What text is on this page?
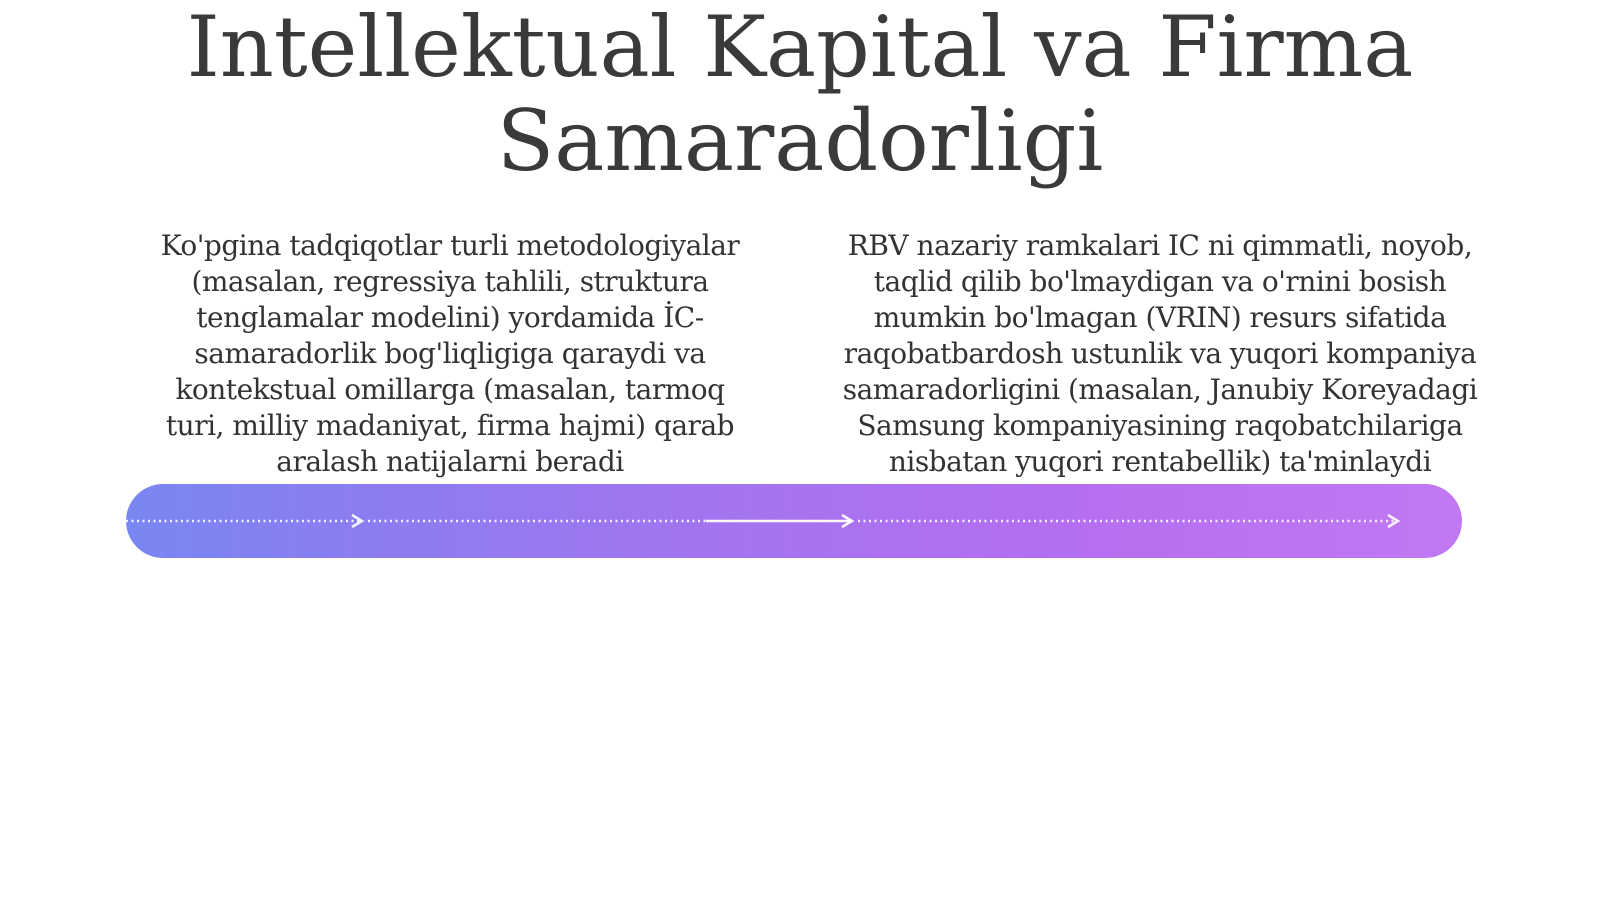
Intellektual Kapital va Firma Samaradorligi

Ko'pgina tadqiqotlar turli metodologiyalar (masalan, regressiya tahlili, struktura tenglamalar modelini) yordamida İC-samaradorlik bog'liqligiga qaraydi va kontekstual omillarga (masalan, tarmoq turi, milliy madaniyat, firma hajmi) qarab aralash natijalarni beradi

RBV nazariy ramkalari IC ni qimmatli, noyob, taqlid qilib bo'lmaydigan va o'rnini bosish mumkin bo'lmagan (VRIN) resurs sifatida raqobatbardosh ustunlik va yuqori kompaniya samaradorligini (masalan, Janubiy Koreyadagi Samsung kompaniyasining raqobatchilariga nisbatan yuqori rentabellik) ta'minlaydi
